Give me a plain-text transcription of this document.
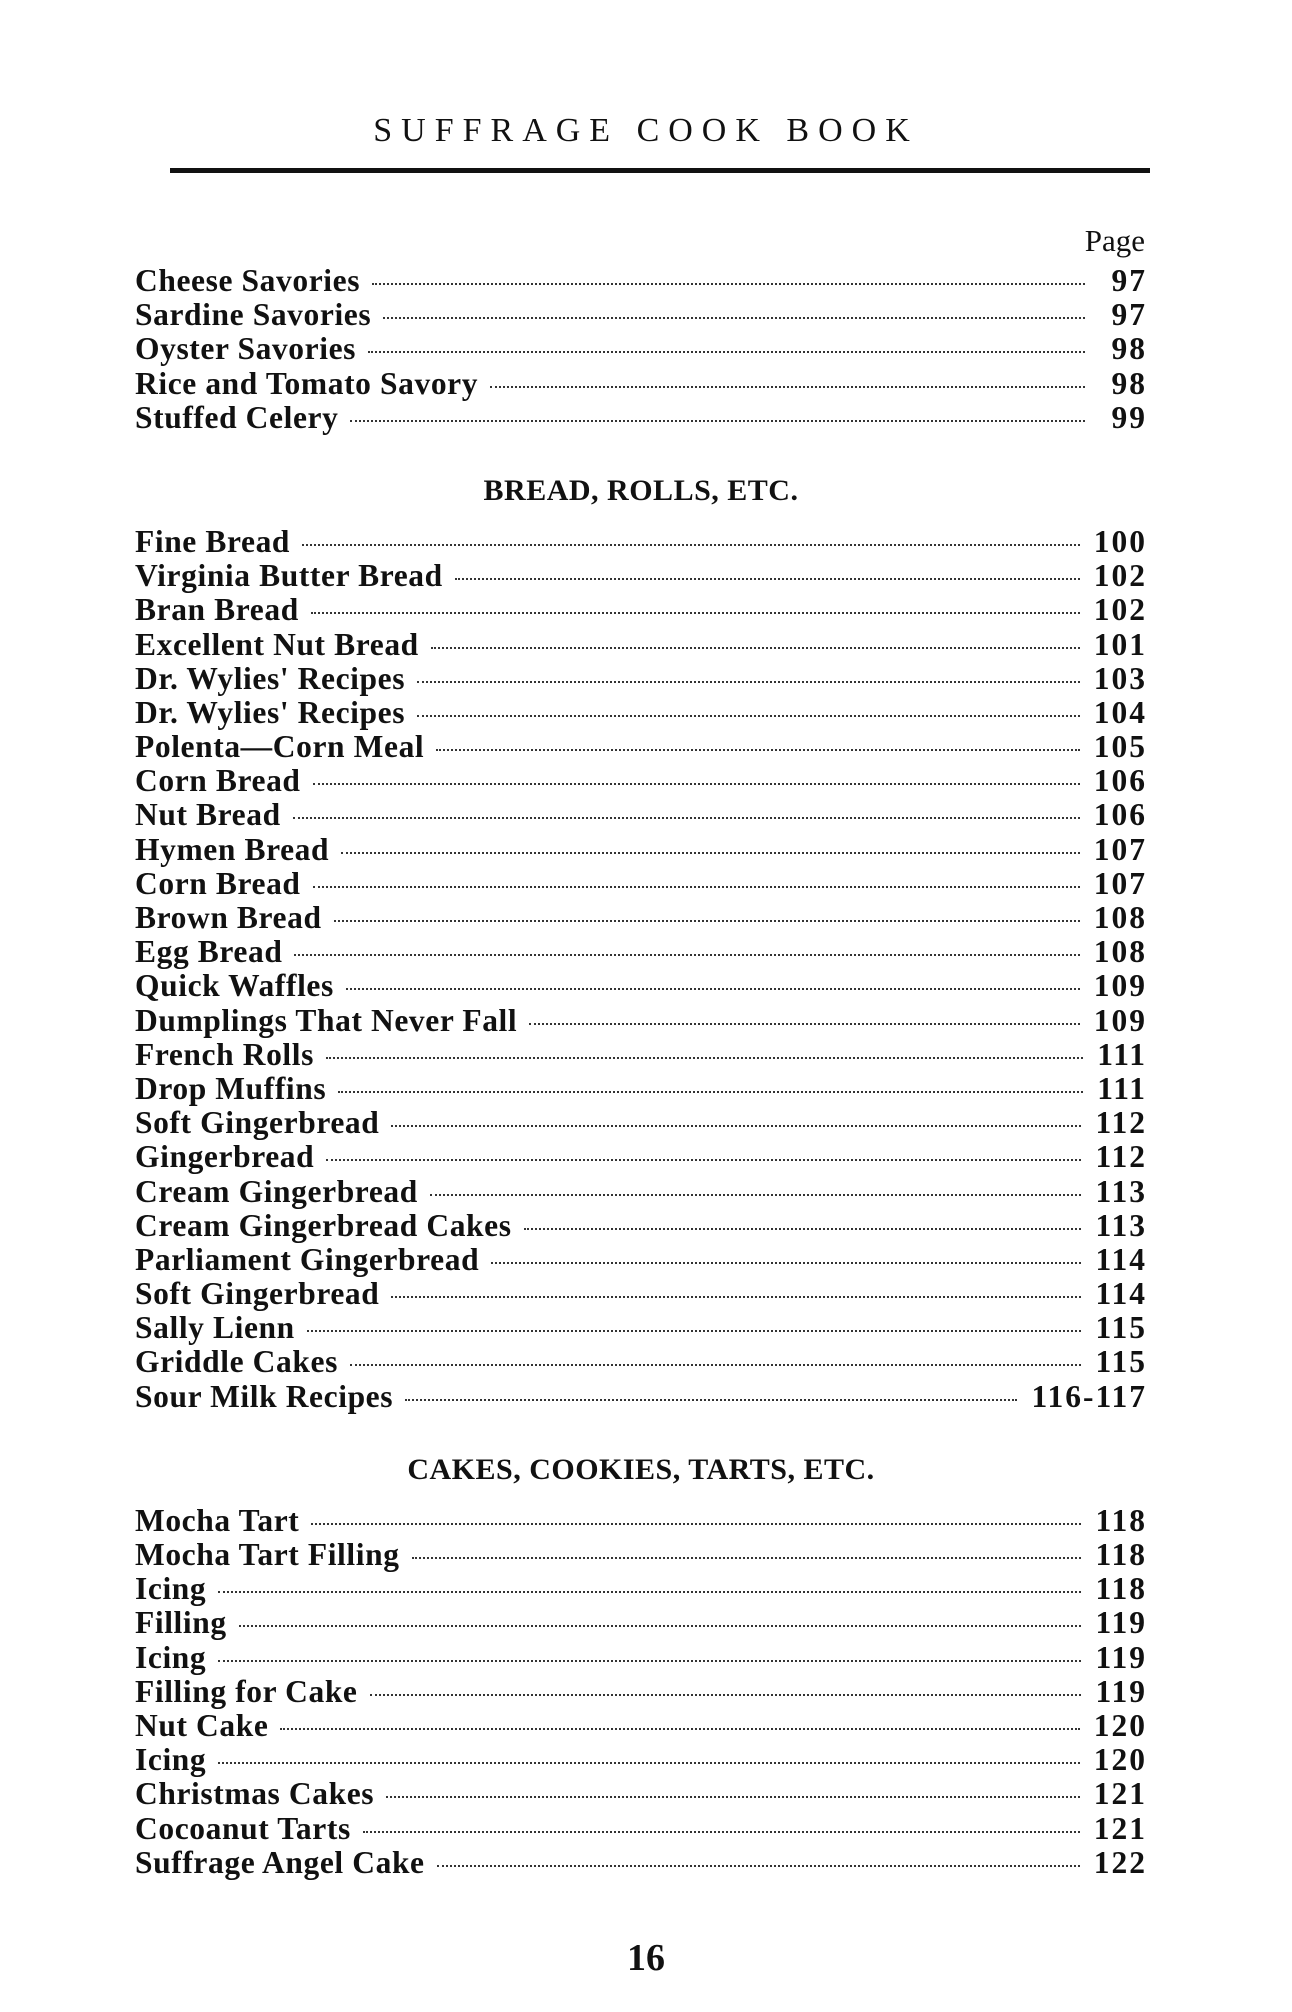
SUFFRAGE COOK BOOK
Page
Cheese Savories	97
Sardine Savories	97
Oyster Savories	98
Rice and Tomato Savory	98
Stuffed Celery	99
BREAD, ROLLS, ETC.
Fine Bread	100
Virginia Butter Bread	102
Bran Bread	102
Excellent Nut Bread	101
Dr. Wylies' Recipes	103
Dr. Wylies' Recipes	104
Polenta—Corn Meal	105
Corn Bread	106
Nut Bread	106
Hymen Bread	107
Corn Bread	107
Brown Bread	108
Egg Bread	108
Quick Waffles	109
Dumplings That Never Fall	109
French Rolls	111
Drop Muffins	111
Soft Gingerbread	112
Gingerbread	112
Cream Gingerbread	113
Cream Gingerbread Cakes	113
Parliament Gingerbread	114
Soft Gingerbread	114
Sally Lienn	115
Griddle Cakes	115
Sour Milk Recipes	116-117
CAKES, COOKIES, TARTS, ETC.
Mocha Tart	118
Mocha Tart Filling	118
Icing	118
Filling	119
Icing	119
Filling for Cake	119
Nut Cake	120
Icing	120
Christmas Cakes	121
Cocoanut Tarts	121
Suffrage Angel Cake	122
16
